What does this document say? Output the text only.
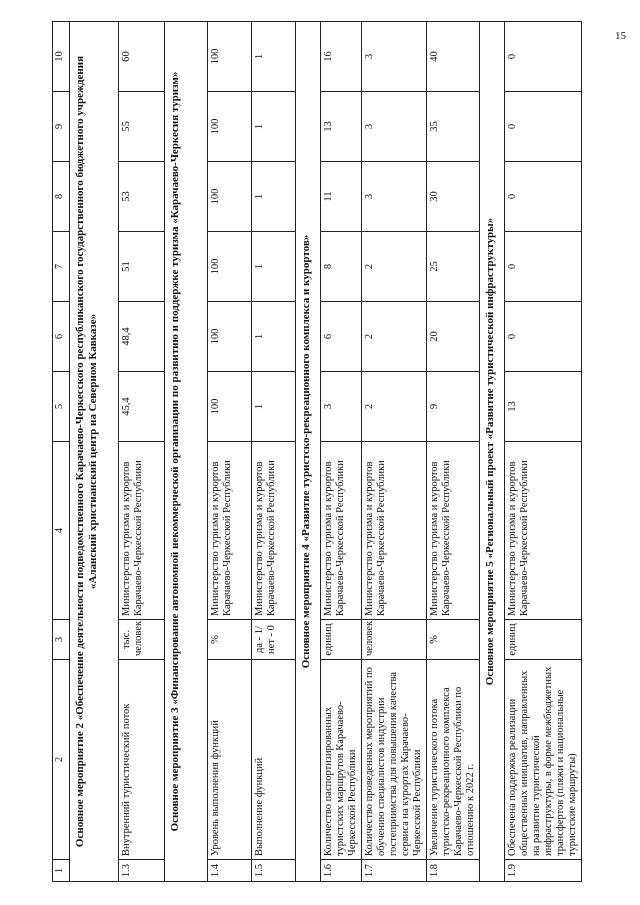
15
1	2	3	4	5	6	7	8	9	10
Основное мероприятие 2 «Обеспечение деятельности подведомственного Карачаево-Черкесского республиканского государственного бюджетного учреждения «Аланский христианский центр на Северном Кавказе»									
1.3	Внутренний туристический поток	тыс. человек	Министерство туризма и курортов Карачаево-Черкесской Республики	45,4	48,4	51	53	55	60
Основное мероприятие 3 «Финансирование автономной некоммерческой организации по развитию и поддержке туризма «Карачаево-Черкесия туризм»									
1.4	Уровень выполнения функций	%	Министерство туризма и курортов Карачаево-Черкесской Республики	100	100	100	100	100	100
1.5	Выполнение функций	да - 1/ нет - 0	Министерство туризма и курортов Карачаево-Черкесской Республики	1	1	1	1	1	1
Основное мероприятие 4 «Развитие туристско-рекреационного комплекса и курортов»									
1.6	Количество паспортизированных туристских маршрутов Карачаево-Черкесской Республики	единиц	Министерство туризма и курортов Карачаево-Черкесской Республики	3	6	8	11	13	16
1.7	Количество проведенных мероприятий по обучению специалистов индустрии гостеприимства для повышения качества сервиса на курортах Карачаево-Черкесской Республики	человек	Министерство туризма и курортов Карачаево-Черкесской Республики	2	2	2	3	3	3
1.8	Увеличение туристического потока туристско-рекреационного комплекса Карачаево-Черкесской Республики по отношению к 2022 г.	%	Министерство туризма и курортов Карачаево-Черкесской Республики	9	20	25	30	35	40
Основное мероприятие 5 «Региональный проект «Развитие туристической инфраструктуры»									
1.9	Обеспечена поддержка реализации общественных инициатив, направленных на развитие туристической инфраструктуры, в форме межбюджетных трансфертов (пляжи и национальные туристские маршруты)	единиц	Министерство туризма и курортов Карачаево-Черкесской Республики	13	0	0	0	0	0
